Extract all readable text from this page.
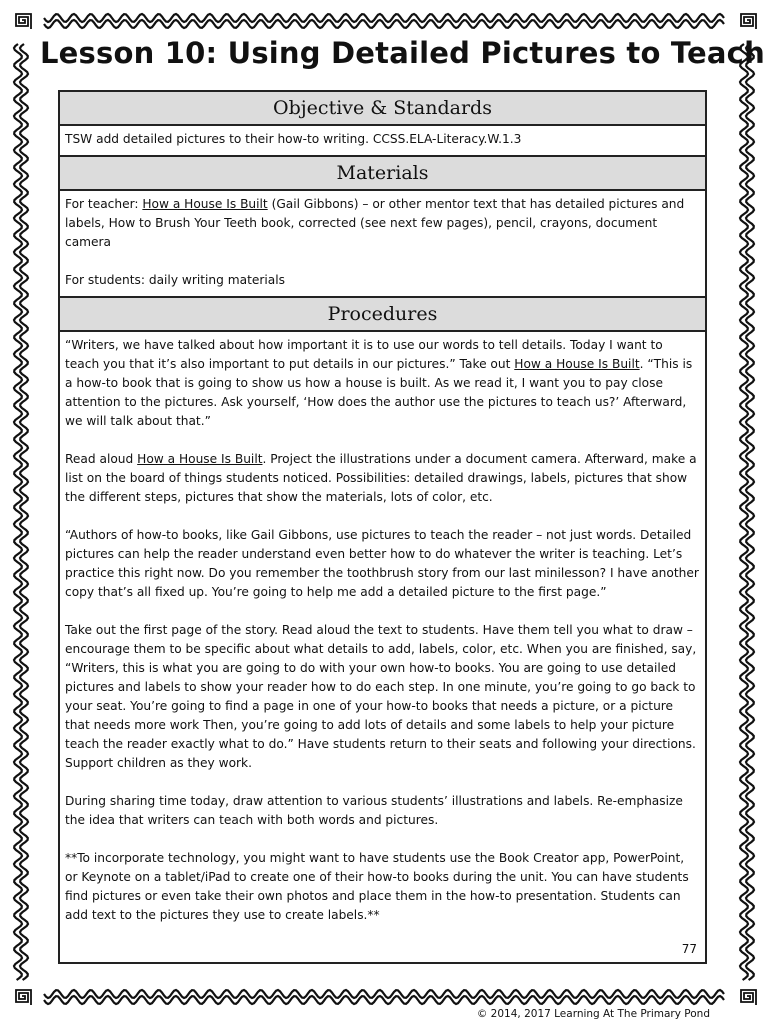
Lesson 10: Using Detailed Pictures to Teach
Objective & Standards

TSW add detailed pictures to their how-to writing. CCSS.ELA-Literacy.W.1.3

Materials

For teacher: How a House Is Built (Gail Gibbons) – or other mentor text that has detailed pictures and labels, How to Brush Your Teeth book, corrected (see next few pages), pencil, crayons, document camera

For students: daily writing materials

Procedures

“Writers, we have talked about how important it is to use our words to tell details. Today I want to teach you that it’s also important to put details in our pictures.” Take out How a House Is Built. “This is a how-to book that is going to show us how a house is built. As we read it, I want you to pay close attention to the pictures. Ask yourself, ‘How does the author use the pictures to teach us?’ Afterward, we will talk about that.”

Read aloud How a House Is Built. Project the illustrations under a document camera. Afterward, make a list on the board of things students noticed. Possibilities: detailed drawings, labels, pictures that show the different steps, pictures that show the materials, lots of color, etc.

“Authors of how-to books, like Gail Gibbons, use pictures to teach the reader – not just words. Detailed pictures can help the reader understand even better how to do whatever the writer is teaching. Let’s practice this right now. Do you remember the toothbrush story from our last minilesson? I have another copy that’s all fixed up. You’re going to help me add a detailed picture to the first page.”

Take out the first page of the story. Read aloud the text to students. Have them tell you what to draw – encourage them to be specific about what details to add, labels, color, etc. When you are finished, say, “Writers, this is what you are going to do with your own how-to books. You are going to use detailed pictures and labels to show your reader how to do each step. In one minute, you’re going to go back to your seat. You’re going to find a page in one of your how-to books that needs a picture, or a picture that needs more work Then, you’re going to add lots of details and some labels to help your picture teach the reader exactly what to do.” Have students return to their seats and following your directions. Support children as they work.

During sharing time today, draw attention to various students’ illustrations and labels. Re-emphasize the idea that writers can teach with both words and pictures.

**To incorporate technology, you might want to have students use the Book Creator app, PowerPoint, or Keynote on a tablet/iPad to create one of their how-to books during the unit. You can have students find pictures or even take their own photos and place them in the how-to presentation. Students can add text to the pictures they use to create labels.**

77
© 2014, 2017 Learning At The Primary Pond
